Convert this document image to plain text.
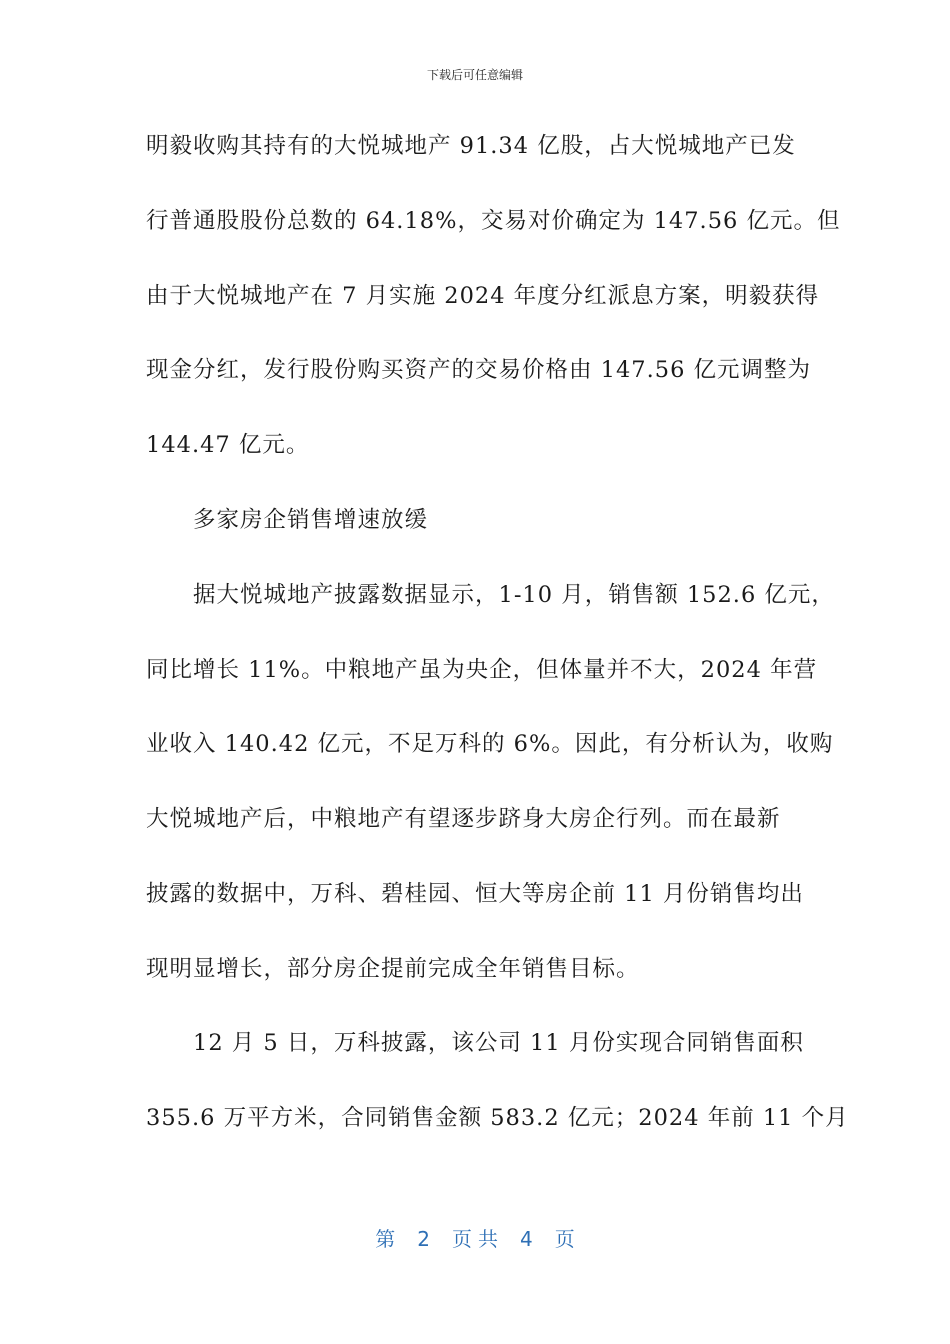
下载后可任意编辑
明毅收购其持有的大悦城地产 91.34 亿股，占大悦城地产已发
行普通股股份总数的 64.18%，交易对价确定为 147.56 亿元。但
由于大悦城地产在 7 月实施 2024 年度分红派息方案，明毅获得
现金分红，发行股份购买资产的交易价格由 147.56 亿元调整为
144.47 亿元。
多家房企销售增速放缓
据大悦城地产披露数据显示，1-10 月，销售额 152.6 亿元，
同比增长 11%。中粮地产虽为央企，但体量并不大，2024 年营
业收入 140.42 亿元，不足万科的 6%。因此，有分析认为，收购
大悦城地产后，中粮地产有望逐步跻身大房企行列。而在最新
披露的数据中，万科、碧桂园、恒大等房企前 11 月份销售均出
现明显增长，部分房企提前完成全年销售目标。
12 月 5 日，万科披露，该公司 11 月份实现合同销售面积
355.6 万平方米，合同销售金额 583.2 亿元；2024 年前 11 个月
第 2 页 共 4 页
